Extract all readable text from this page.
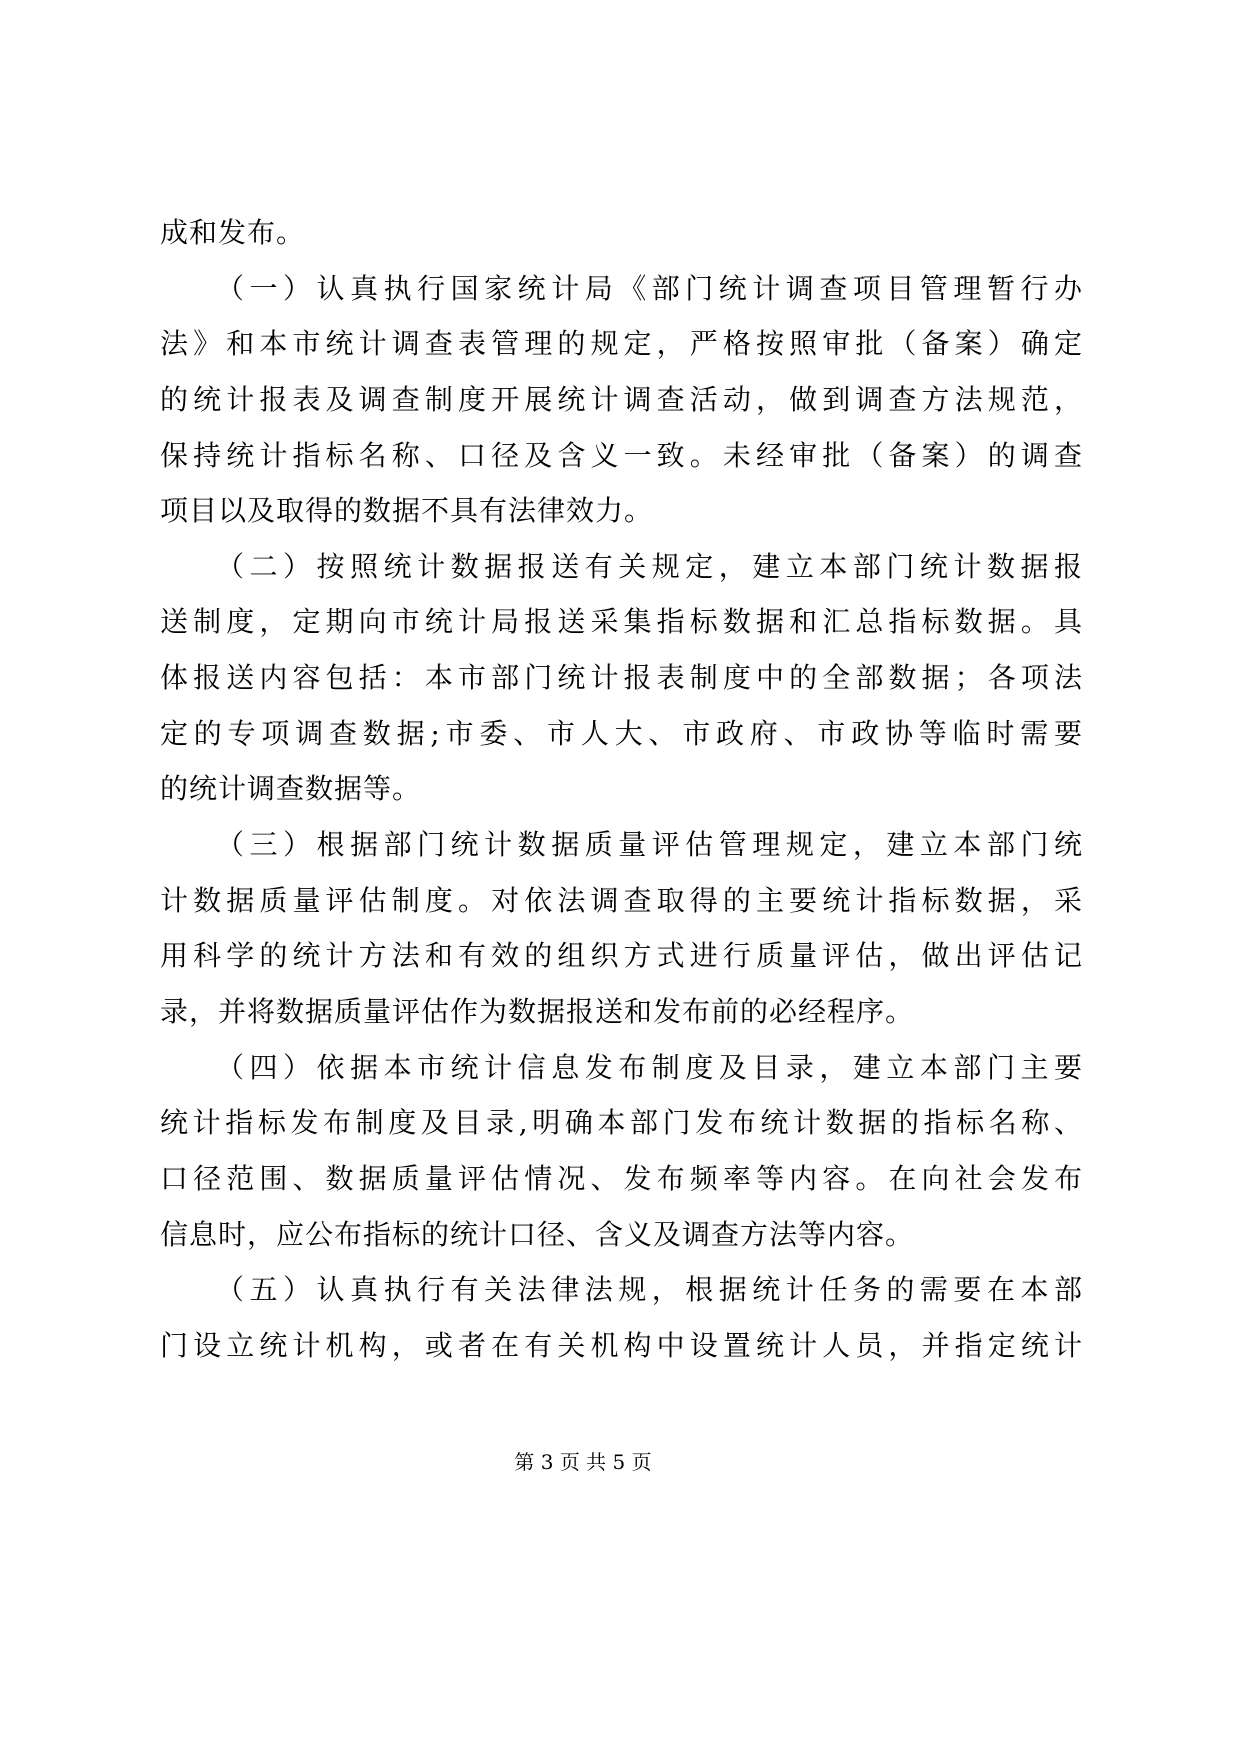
成和发布。
（一）认真执行国家统计局《部门统计调查项目管理暂行办
法》和本市统计调查表管理的规定，严格按照审批（备案）确定
的统计报表及调查制度开展统计调查活动，做到调查方法规范，
保持统计指标名称、口径及含义一致。未经审批（备案）的调查
项目以及取得的数据不具有法律效力。
（二）按照统计数据报送有关规定，建立本部门统计数据报
送制度，定期向市统计局报送采集指标数据和汇总指标数据。具
体报送内容包括：本市部门统计报表制度中的全部数据；各项法
定的专项调查数据;市委、市人大、市政府、市政协等临时需要
的统计调查数据等。
（三）根据部门统计数据质量评估管理规定，建立本部门统
计数据质量评估制度。对依法调查取得的主要统计指标数据，采
用科学的统计方法和有效的组织方式进行质量评估，做出评估记
录，并将数据质量评估作为数据报送和发布前的必经程序。
（四）依据本市统计信息发布制度及目录，建立本部门主要
统计指标发布制度及目录,明确本部门发布统计数据的指标名称、
口径范围、数据质量评估情况、发布频率等内容。在向社会发布
信息时，应公布指标的统计口径、含义及调查方法等内容。
（五）认真执行有关法律法规，根据统计任务的需要在本部
门设立统计机构，或者在有关机构中设置统计人员，并指定统计
第 3 页 共 5 页
